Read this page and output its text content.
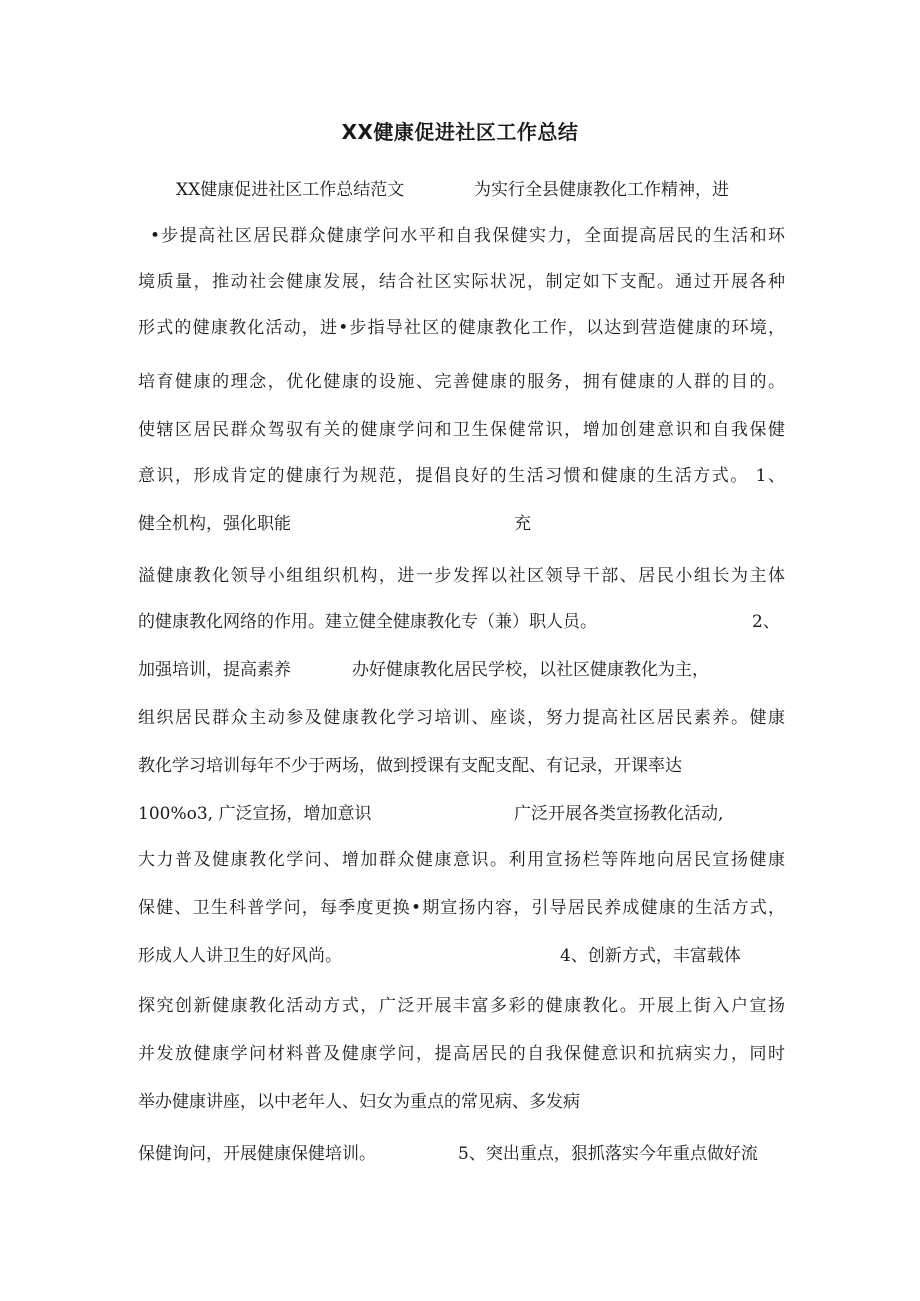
XX健康促进社区工作总结

XX健康促进社区工作总结范文	为实行全县健康教化工作精神，进

•步提高社区居民群众健康学问水平和自我保健实力，全面提高居民的生活和环

境质量，推动社会健康发展，结合社区实际状况，制定如下支配。通过开展各种

形式的健康教化活动，进•步指导社区的健康教化工作，以达到营造健康的环境，

培育健康的理念，优化健康的设施、完善健康的服务，拥有健康的人群的目的。

使辖区居民群众驾驭有关的健康学问和卫生保健常识，增加创建意识和自我保健

意识，形成肯定的健康行为规范，提倡良好的生活习惯和健康的生活方式。 1、

健全机构，强化职能	充

溢健康教化领导小组组织机构，进一步发挥以社区领导干部、居民小组长为主体

的健康教化网络的作用。建立健全健康教化专（兼）职人员。	2、

加强培训，提高素养	办好健康教化居民学校，以社区健康教化为主，

组织居民群众主动参及健康教化学习培训、座谈，努力提高社区居民素养。健康

教化学习培训每年不少于两场，做到授课有支配支配、有记录，开课率达

100%o3, 广泛宣扬，增加意识	广泛开展各类宣扬教化活动,

大力普及健康教化学问、增加群众健康意识。利用宣扬栏等阵地向居民宣扬健康

保健、卫生科普学问，每季度更换•期宣扬内容，引导居民养成健康的生活方式，

形成人人讲卫生的好风尚。	4、创新方式，丰富载体

探究创新健康教化活动方式，广泛开展丰富多彩的健康教化。开展上街入户宣扬

并发放健康学问材料普及健康学问，提高居民的自我保健意识和抗病实力，同时

举办健康讲座，以中老年人、妇女为重点的常见病、多发病

保健询问，开展健康保健培训。	5、突出重点，狠抓落实今年重点做好流
